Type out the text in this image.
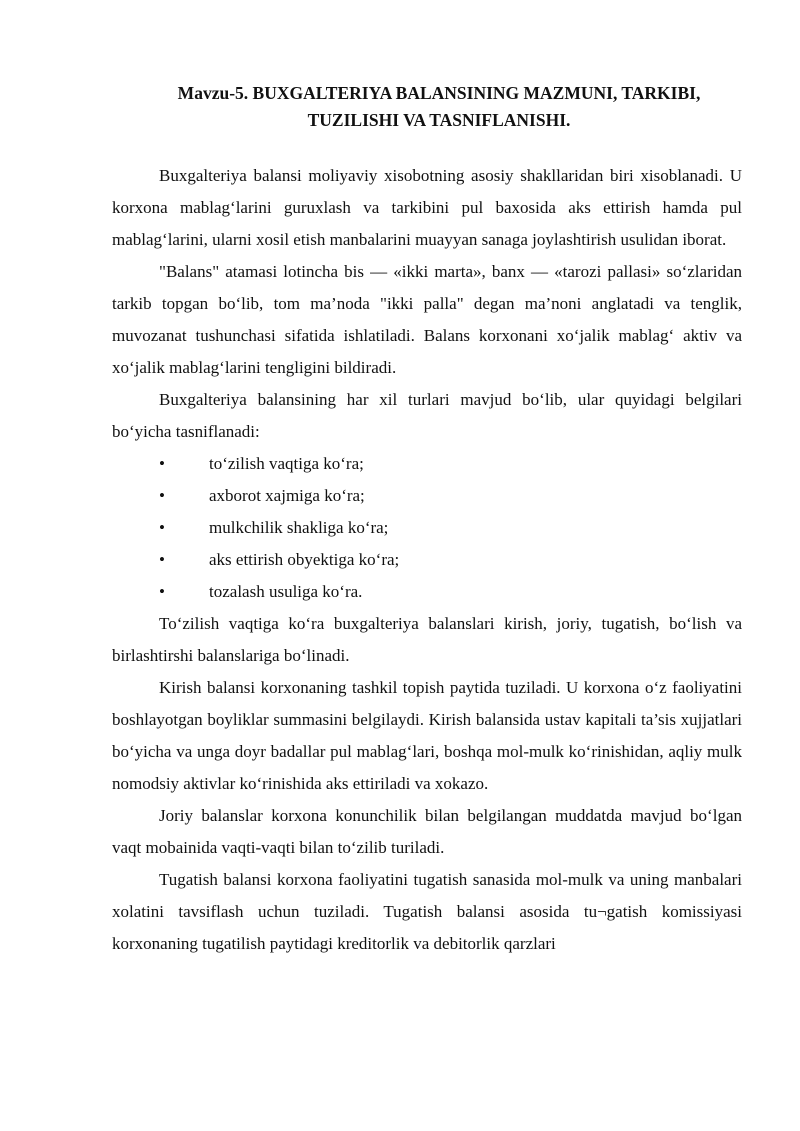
Mavzu-5. BUXGALTERIYA BALANSINING MAZMUNI, TARKIBI,
TUZILISHI VA TASNIFLANISHI.

Buxgalteriya balansi moliyaviy xisobotning asosiy shakllaridan biri xisoblanadi. U korxona mablag‘larini guruxlash va tarkibini pul baxosida aks ettirish hamda pul mablag‘larini, ularni xosil etish manbalarini muayyan sanaga joylashtirish usulidan iborat.

"Balans" atamasi lotincha bis — «ikki marta», banx — «tarozi pallasi» so‘zlaridan tarkib topgan bo‘lib, tom ma’noda "ikki palla" degan ma’noni anglatadi va tenglik, muvozanat tushunchasi sifatida ishlatiladi. Balans korxonani xo‘jalik mablag‘ aktiv va xo‘jalik mablag‘larini tengligini bildiradi.

Buxgalteriya balansining har xil turlari mavjud bo‘lib, ular quyidagi belgilari bo‘yicha tasniflanadi:

•	to‘zilish vaqtiga ko‘ra;
•	axborot xajmiga ko‘ra;
•	mulkchilik shakliga ko‘ra;
•	aks ettirish obyektiga ko‘ra;
•	tozalash usuliga ko‘ra.

To‘zilish vaqtiga ko‘ra buxgalteriya balanslari kirish, joriy, tugatish, bo‘lish va birlashtirshi balanslariga bo‘linadi.

Kirish balansi korxonaning tashkil topish paytida tuziladi. U korxona o‘z faoliyatini boshlayotgan boyliklar summasini belgilaydi. Kirish balansida ustav kapitali ta’sis xujjatlari bo‘yicha va unga doyr badallar pul mablag‘lari, boshqa mol-mulk ko‘rinishidan, aqliy mulk nomodsiy aktivlar ko‘rinishida aks ettiriladi va xokazo.

Joriy balanslar korxona konunchilik bilan belgilangan muddatda mavjud bo‘lgan vaqt mobainida vaqti-vaqti bilan to‘zilib turiladi.

Tugatish balansi korxona faoliyatini tugatish sanasida mol-mulk va uning manbalari xolatini tavsiflash uchun tuziladi. Tugatish balansi asosida tu¬gatish komissiyasi korxonaning tugatilish paytidagi kreditorlik va debitorlik qarzlari
